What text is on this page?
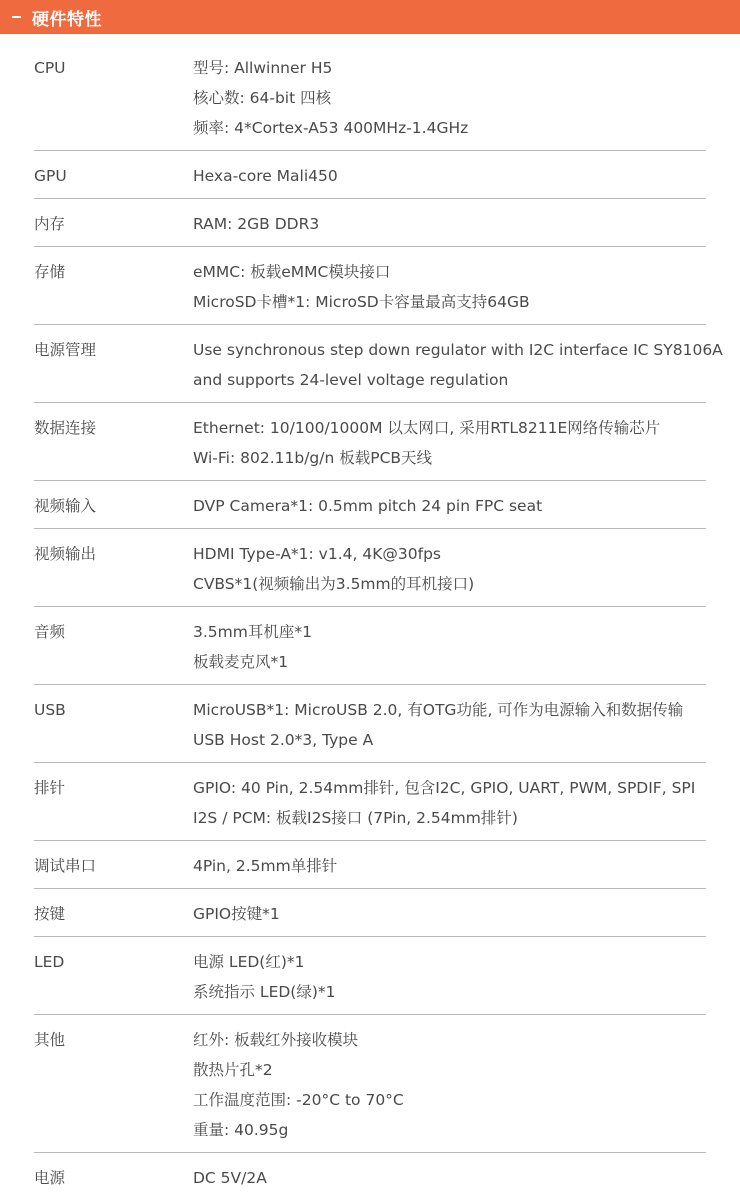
硬件特性
CPU	型号: Allwinner H5
核心数: 64-bit 四核
频率: 4*Cortex-A53 400MHz-1.4GHz
GPU	Hexa-core Mali450
内存	RAM: 2GB DDR3
存储	eMMC: 板载eMMC模块接口
MicroSD卡槽*1: MicroSD卡容量最高支持64GB
电源管理	Use synchronous step down regulator with I2C interface IC SY8106A
and supports 24-level voltage regulation
数据连接	Ethernet: 10/100/1000M 以太网口, 采用RTL8211E网络传输芯片
Wi-Fi: 802.11b/g/n 板载PCB天线
视频输入	DVP Camera*1: 0.5mm pitch 24 pin FPC seat
视频输出	HDMI Type-A*1: v1.4, 4K@30fps
CVBS*1(视频输出为3.5mm的耳机接口)
音频	3.5mm耳机座*1
板载麦克风*1
USB	MicroUSB*1: MicroUSB 2.0, 有OTG功能, 可作为电源输入和数据传输
USB Host 2.0*3, Type A
排针	GPIO: 40 Pin, 2.54mm排针, 包含I2C, GPIO, UART, PWM, SPDIF, SPI
I2S / PCM: 板载I2S接口 (7Pin, 2.54mm排针)
调试串口	4Pin, 2.5mm单排针
按键	GPIO按键*1
LED	电源 LED(红)*1
系统指示 LED(绿)*1
其他	红外: 板载红外接收模块
散热片孔*2
工作温度范围: -20°C to 70°C
重量: 40.95g
电源	DC 5V/2A
